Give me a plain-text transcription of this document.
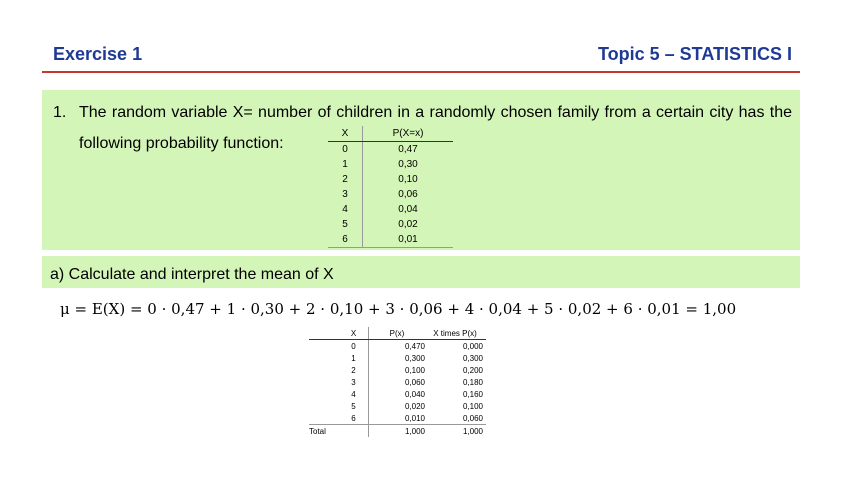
Exercise 1	Topic 5 – STATISTICS I
1. The random variable X= number of children in a randomly chosen family from a certain city has the
following probability function:
X	P(X=x)
0	0,47
1	0,30
2	0,10
3	0,06
4	0,04
5	0,02
6	0,01
a) Calculate and interpret the mean of X
μ = E(X) = 0 · 0,47 + 1 · 0,30 + 2 · 0,10 + 3 · 0,06 + 4 · 0,04 + 5 · 0,02 + 6 · 0,01 = 1,00
	X	P(x)	X times P(x)
	0	0,470	0,000
	1	0,300	0,300
	2	0,100	0,200
	3	0,060	0,180
	4	0,040	0,160
	5	0,020	0,100
	6	0,010	0,060
Total		1,000	1,000
